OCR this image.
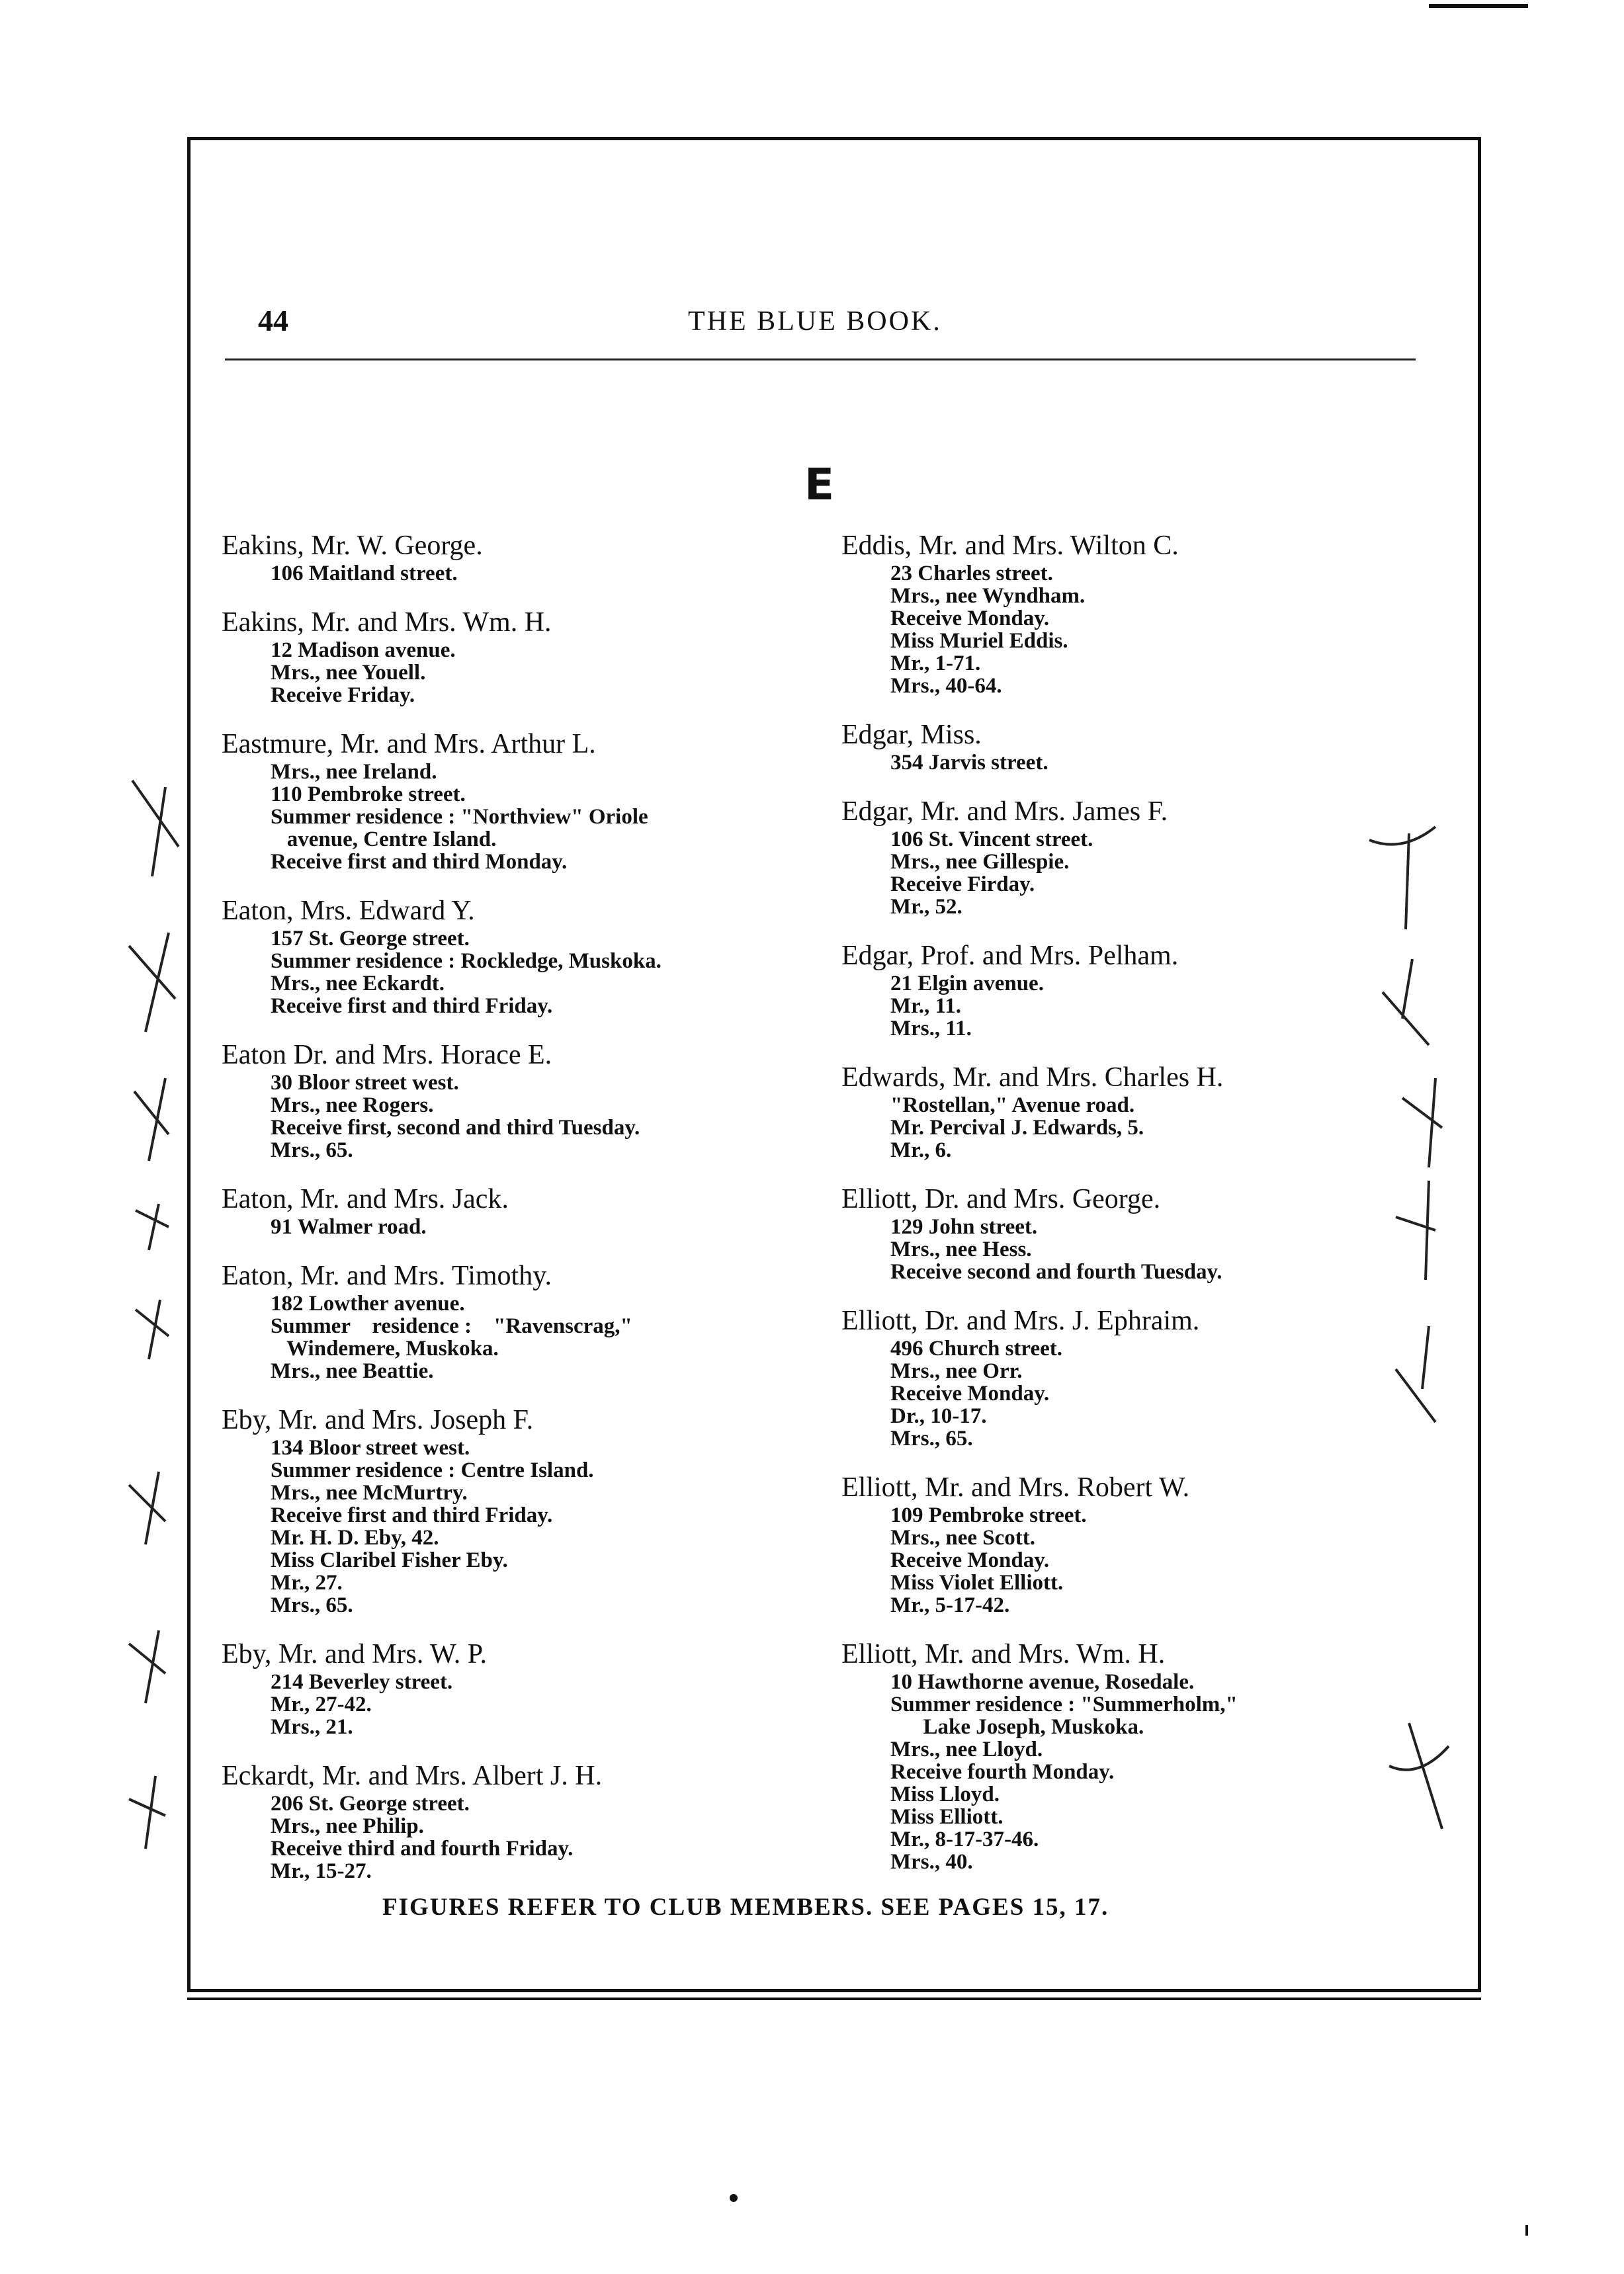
44	THE BLUE BOOK.
E
Eakins, Mr. W. George.
106 Maitland street.
Eakins, Mr. and Mrs. Wm. H.
12 Madison avenue.
Mrs., nee Youell.
Receive Friday.
Eastmure, Mr. and Mrs. Arthur L.
Mrs., nee Ireland.
110 Pembroke street.
Summer residence : "Northview" Oriole
avenue, Centre Island.
Receive first and third Monday.
Eaton, Mrs. Edward Y.
157 St. George street.
Summer residence : Rockledge, Muskoka.
Mrs., nee Eckardt.
Receive first and third Friday.
Eaton Dr. and Mrs. Horace E.
30 Bloor street west.
Mrs., nee Rogers.
Receive first, second and third Tuesday.
Mrs., 65.
Eaton, Mr. and Mrs. Jack.
91 Walmer road.
Eaton, Mr. and Mrs. Timothy.
182 Lowther avenue.
Summer    residence :    "Ravenscrag,"
Windemere, Muskoka.
Mrs., nee Beattie.
Eby, Mr. and Mrs. Joseph F.
134 Bloor street west.
Summer residence : Centre Island.
Mrs., nee McMurtry.
Receive first and third Friday.
Mr. H. D. Eby, 42.
Miss Claribel Fisher Eby.
Mr., 27.
Mrs., 65.
Eby, Mr. and Mrs. W. P.
214 Beverley street.
Mr., 27-42.
Mrs., 21.
Eckardt, Mr. and Mrs. Albert J. H.
206 St. George street.
Mrs., nee Philip.
Receive third and fourth Friday.
Mr., 15-27.
Eddis, Mr. and Mrs. Wilton C.
23 Charles street.
Mrs., nee Wyndham.
Receive Monday.
Miss Muriel Eddis.
Mr., 1-71.
Mrs., 40-64.
Edgar, Miss.
354 Jarvis street.
Edgar, Mr. and Mrs. James F.
106 St. Vincent street.
Mrs., nee Gillespie.
Receive Firday.
Mr., 52.
Edgar, Prof. and Mrs. Pelham.
21 Elgin avenue.
Mr., 11.
Mrs., 11.
Edwards, Mr. and Mrs. Charles H.
"Rostellan," Avenue road.
Mr. Percival J. Edwards, 5.
Mr., 6.
Elliott, Dr. and Mrs. George.
129 John street.
Mrs., nee Hess.
Receive second and fourth Tuesday.
Elliott, Dr. and Mrs. J. Ephraim.
496 Church street.
Mrs., nee Orr.
Receive Monday.
Dr., 10-17.
Mrs., 65.
Elliott, Mr. and Mrs. Robert W.
109 Pembroke street.
Mrs., nee Scott.
Receive Monday.
Miss Violet Elliott.
Mr., 5-17-42.
Elliott, Mr. and Mrs. Wm. H.
10 Hawthorne avenue, Rosedale.
Summer residence : "Summerholm,"
Lake Joseph, Muskoka.
Mrs., nee Lloyd.
Receive fourth Monday.
Miss Lloyd.
Miss Elliott.
Mr., 8-17-37-46.
Mrs., 40.
FIGURES REFER TO CLUB MEMBERS. SEE PAGES 15, 17.
